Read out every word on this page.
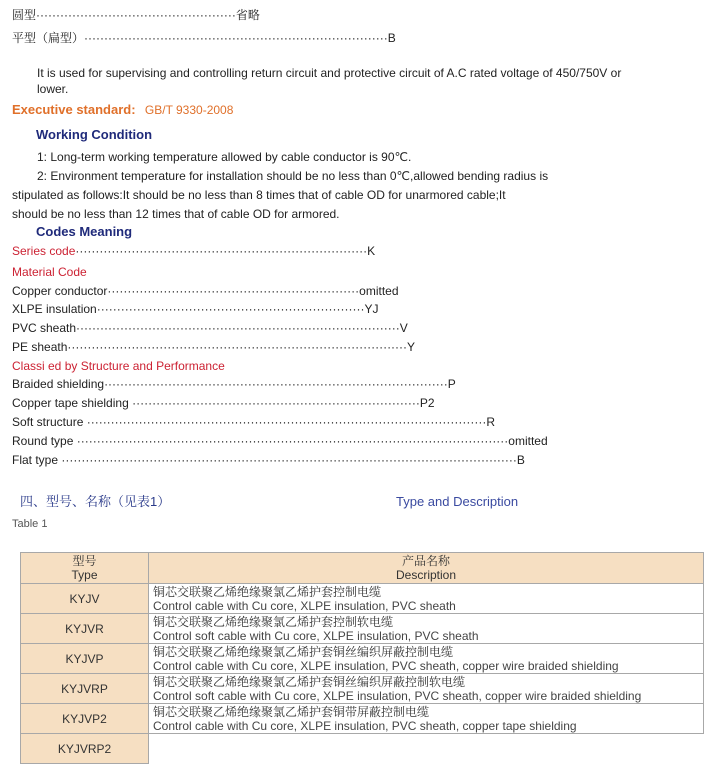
圆型··················································省略
平型（扁型） ············································································B
It is used for supervising and controlling return circuit and protective circuit of A.C rated voltage of 450/750V or
lower.
Executive standard: GB/T 9330-2008
Working Condition
1: Long-term working temperature allowed by cable conductor is 90℃.
2: Environment temperature for installation should be no less than 0℃,allowed bending radius is
stipulated as follows:It should be no less than 8 times that of cable OD for unarmored cable;It
should be no less than 12 times that of cable OD for armored.
Codes Meaning
Series code·········································································K
Material Code
Copper conductor·······························································omitted
XLPE insulation···································································YJ
PVC sheath·················································································V
PE sheath·····················································································Y
Classi ed by Structure and Performance
Braided shielding······················································································P
Copper tape shielding ········································································P2
Soft structure ····································································································R
Round type ············································································································omitted
Flat type ··················································································································B
四、型号、名称（见表1）	Type and Description
Table 1
型号
Type	产品名称
Description

KYJV	铜芯交联聚乙烯绝缘聚氯乙烯护套控制电缆
Control cable with Cu core, XLPE insulation, PVC sheath

KYJVR	铜芯交联聚乙烯绝缘聚氯乙烯护套控制软电缆
Control soft cable with Cu core, XLPE insulation, PVC sheath

KYJVP	铜芯交联聚乙烯绝缘聚氯乙烯护套铜丝编织屏蔽控制电缆
Control cable with Cu core, XLPE insulation, PVC sheath, copper wire braided shielding

KYJVRP	铜芯交联聚乙烯绝缘聚氯乙烯护套铜丝编织屏蔽控制软电缆
Control soft cable with Cu core, XLPE insulation, PVC sheath, copper wire braided shielding

KYJVP2	铜芯交联聚乙烯绝缘聚氯乙烯护套铜带屏蔽控制电缆
Control cable with Cu core, XLPE insulation, PVC sheath, copper tape shielding

KYJVRP2	
